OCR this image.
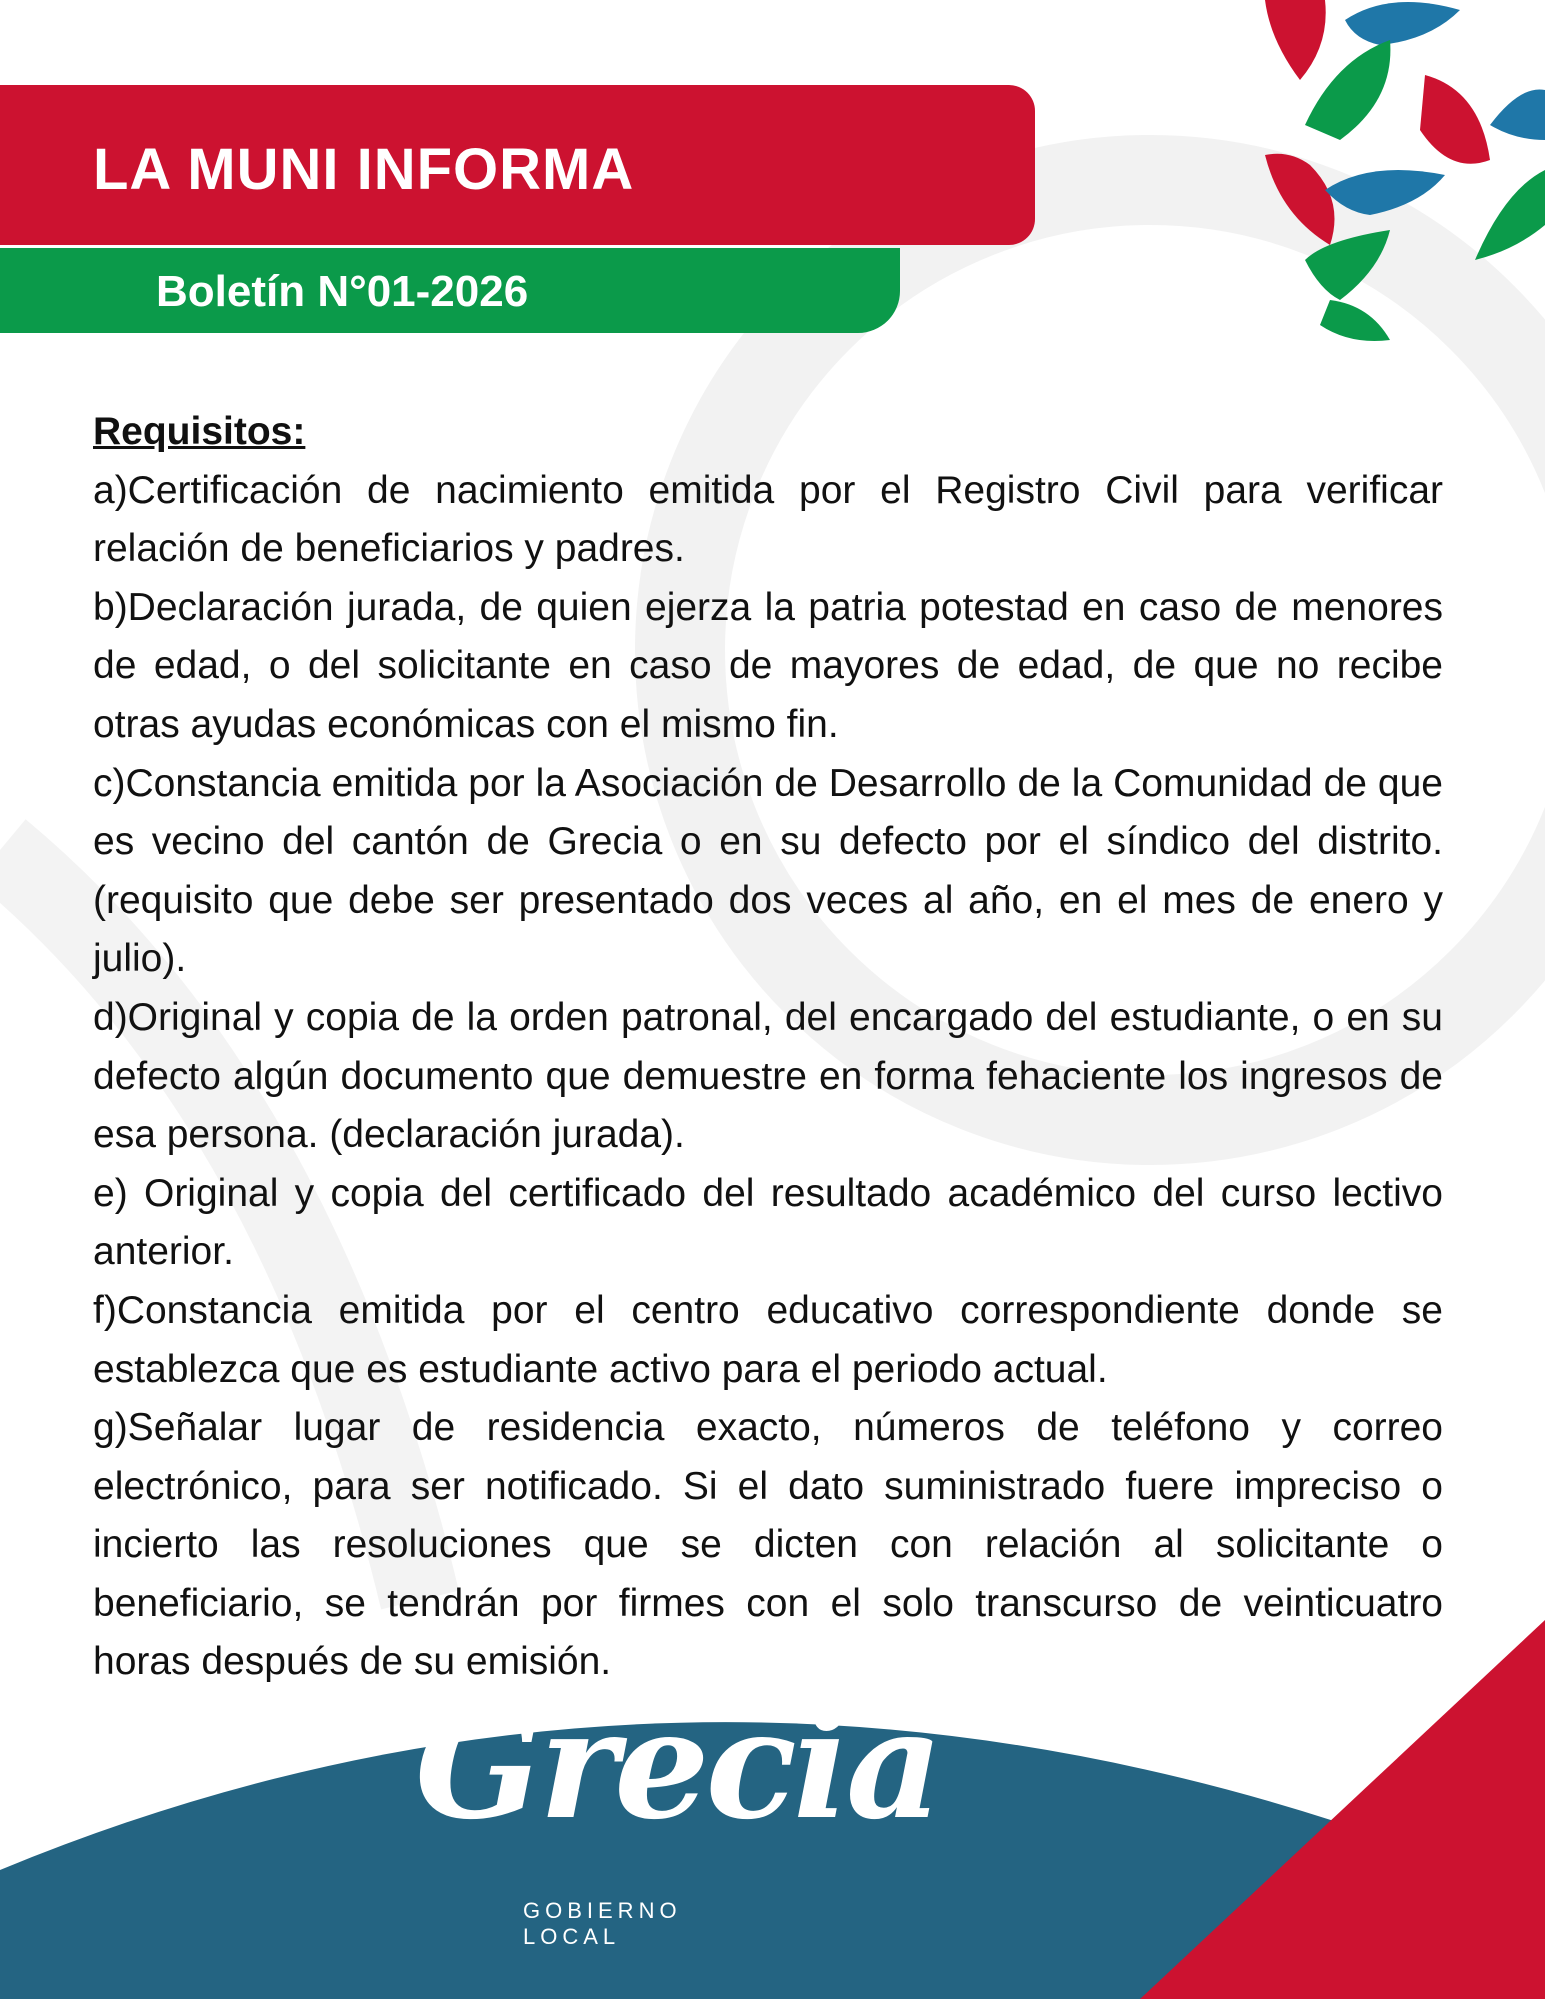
LA MUNI INFORMA
Boletín N°01-2026

Requisitos:

a)Certificación de nacimiento emitida por el Registro Civil para verificar relación de beneficiarios y padres.

b)Declaración jurada, de quien ejerza la patria potestad en caso de menores de edad, o del solicitante en caso de mayores de edad, de que no recibe otras ayudas económicas con el mismo fin.

c)Constancia emitida por la Asociación de Desarrollo de la Comunidad de que es vecino del cantón de Grecia o en su defecto por el síndico del distrito. (requisito que debe ser presentado dos veces al año, en el mes de enero y julio).

d)Original y copia de la orden patronal, del encargado del estudiante, o en su defecto algún documento que demuestre en forma fehaciente los ingresos de esa persona. (declaración jurada).

e) Original y copia del certificado del resultado académico del curso lectivo anterior.

f)Constancia emitida por el centro educativo correspondiente donde se establezca que es estudiante activo para el periodo actual.

g)Señalar lugar de residencia exacto, números de teléfono y correo electrónico, para ser notificado. Si el dato suministrado fuere impreciso o incierto las resoluciones que se dicten con relación al solicitante o beneficiario, se tendrán por firmes con el solo transcurso de veinticuatro horas después de su emisión.

Grecia
GOBIERNO LOCAL
